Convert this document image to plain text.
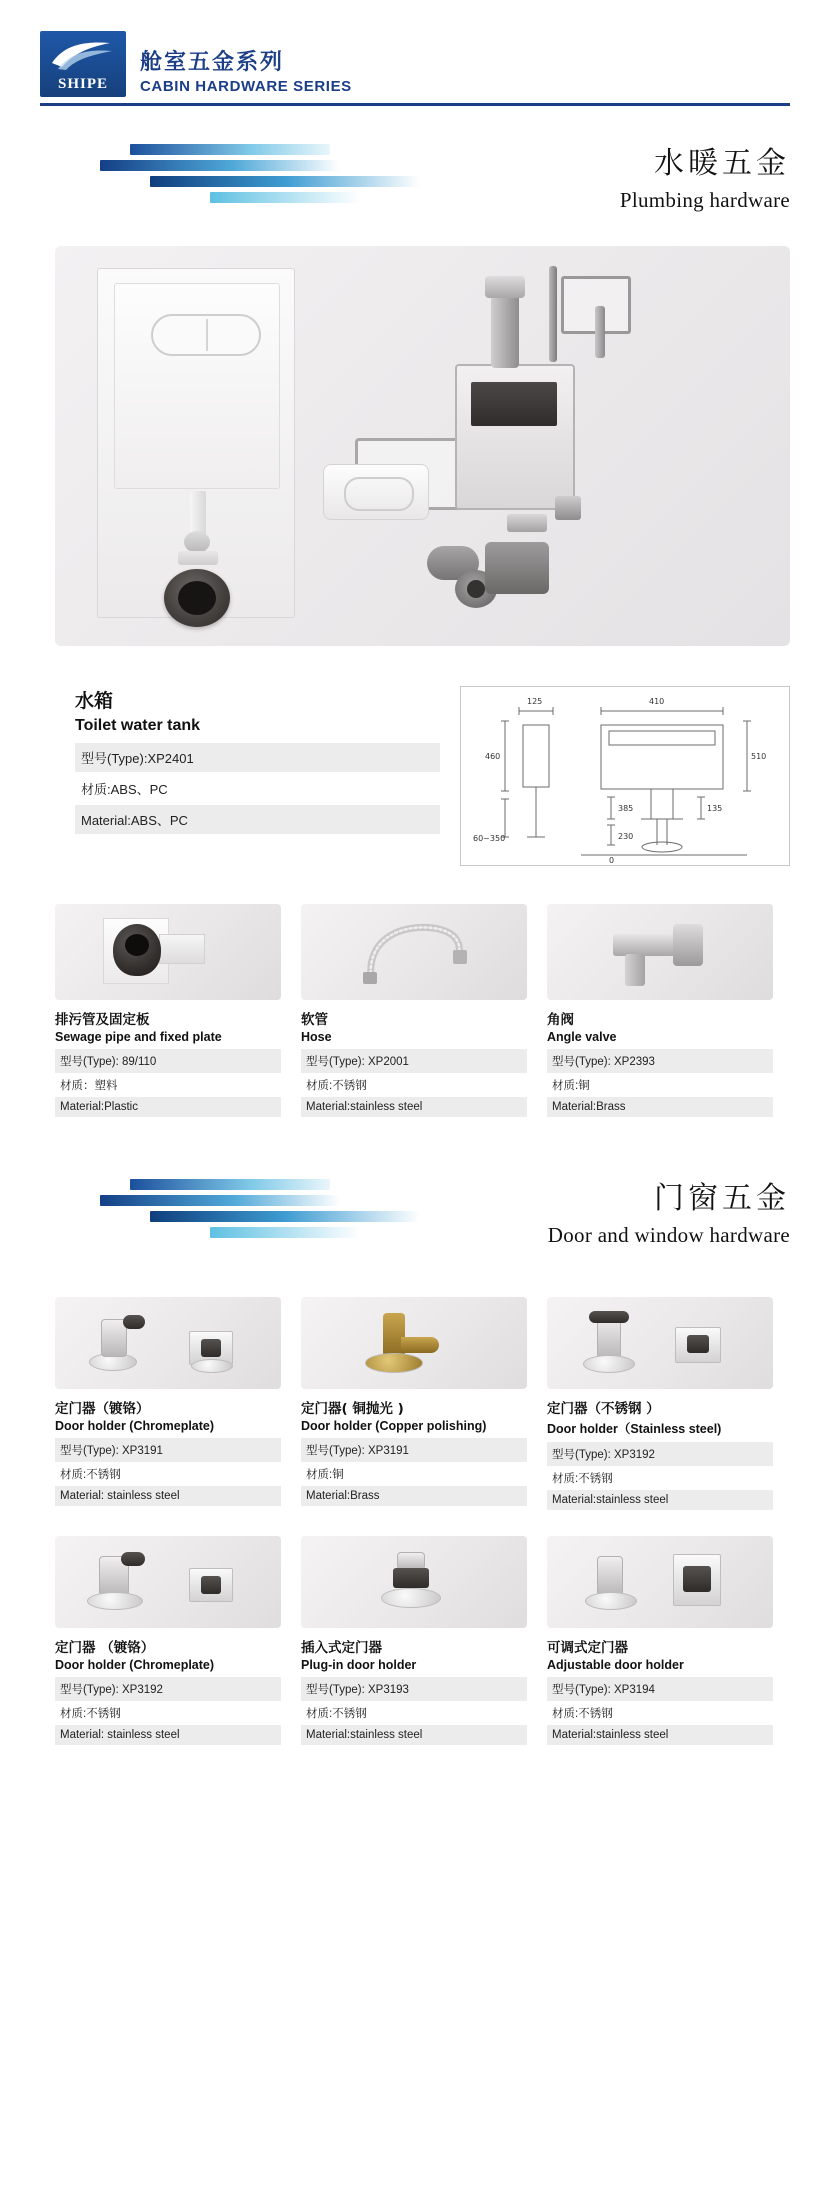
SHIPE
舱室五金系列
CABIN HARDWARE SERIES
水暖五金
Plumbing hardware
水箱
Toilet water tank
型号(Type):XP2401
材质:ABS、PC
Material:ABS、PC
125	410
510
460
60~350
385
230
135
0
排污管及固定板
Sewage pipe and fixed plate
型号(Type): 89/110
材质：塑料
Material:Plastic
软管
Hose
型号(Type): XP2001
材质:不锈钢
Material:stainless steel
角阀
Angle valve
型号(Type): XP2393
材质:铜
Material:Brass
门窗五金
Door and window hardware
定门器（镀铬）
Door holder (Chromeplate)
型号(Type): XP3191
材质:不锈钢
Material: stainless steel
定门器( 铜抛光 )
Door holder (Copper polishing)
型号(Type): XP3191
材质:铜
Material:Brass
定门器（不锈钢 ）
Door holder（Stainless steel)
型号(Type): XP3192
材质:不锈钢
Material:stainless steel
定门器 （镀铬）
Door holder (Chromeplate)
型号(Type): XP3192
材质:不锈钢
Material: stainless steel
插入式定门器
Plug-in door holder
型号(Type): XP3193
材质:不锈钢
Material:stainless steel
可调式定门器
Adjustable door holder
型号(Type): XP3194
材质:不锈钢
Material:stainless steel
